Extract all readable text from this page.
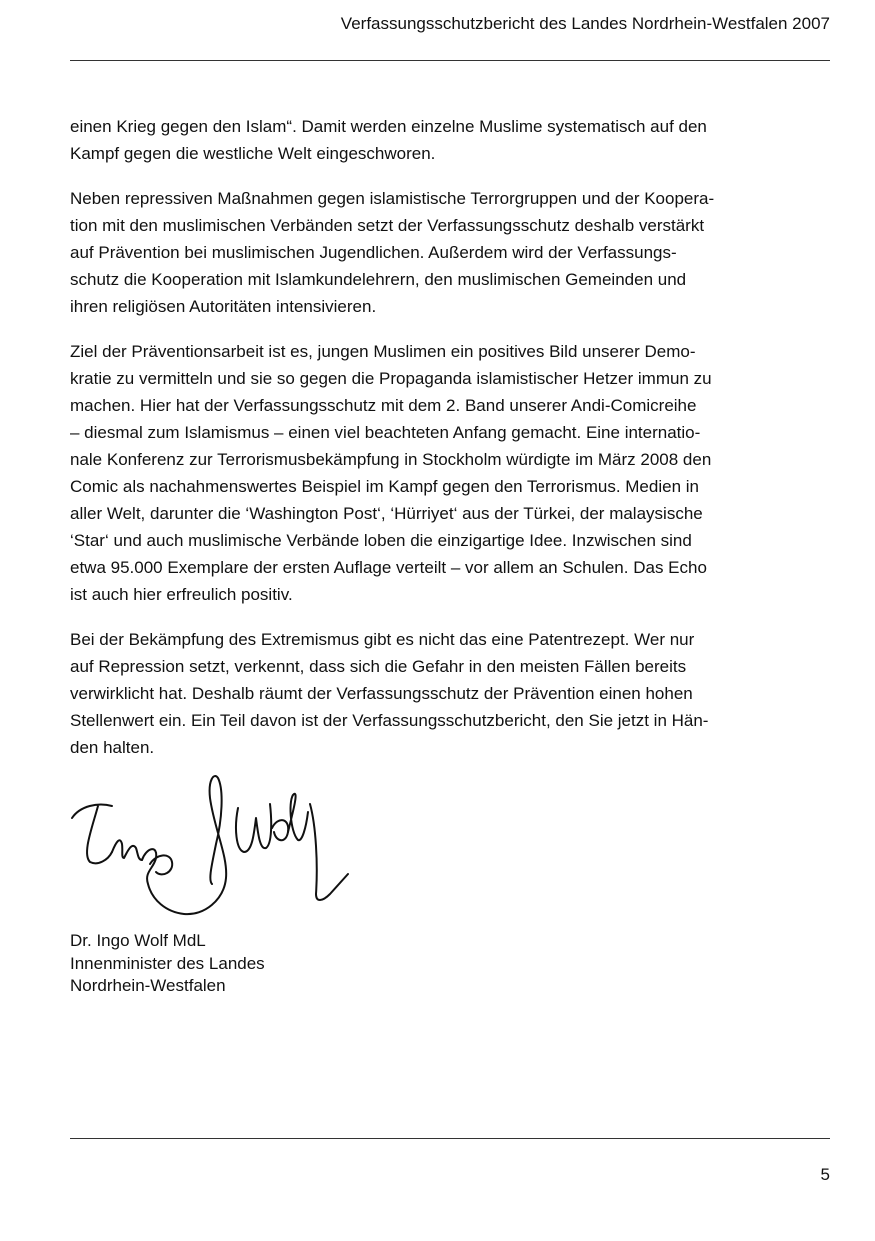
Verfassungsschutzbericht des Landes Nordrhein-Westfalen 2007

einen Krieg gegen den Islam“. Damit werden einzelne Muslime systematisch auf den
Kampf gegen die westliche Welt eingeschworen.

Neben repressiven Maßnahmen gegen islamistische Terrorgruppen und der Koopera-
tion mit den muslimischen Verbänden setzt der Verfassungsschutz deshalb verstärkt
auf Prävention bei muslimischen Jugendlichen. Außerdem wird der Verfassungs-
schutz die Kooperation mit Islamkundelehrern, den muslimischen Gemeinden und
ihren religiösen Autoritäten intensivieren.

Ziel der Präventionsarbeit ist es, jungen Muslimen ein positives Bild unserer Demo-
kratie zu vermitteln und sie so gegen die Propaganda islamistischer Hetzer immun zu
machen. Hier hat der Verfassungsschutz mit dem 2. Band unserer Andi-Comicreihe
– diesmal zum Islamismus – einen viel beachteten Anfang gemacht. Eine internatio-
nale Konferenz zur Terrorismusbekämpfung in Stockholm würdigte im März 2008 den
Comic als nachahmenswertes Beispiel im Kampf gegen den Terrorismus. Medien in
aller Welt, darunter die ‘Washington Post‘, ‘Hürriyet‘ aus der Türkei, der malaysische
‘Star‘ und auch muslimische Verbände loben die einzigartige Idee. Inzwischen sind
etwa 95.000 Exemplare der ersten Auflage verteilt – vor allem an Schulen. Das Echo
ist auch hier erfreulich positiv.

Bei der Bekämpfung des Extremismus gibt es nicht das eine Patentrezept. Wer nur
auf Repression setzt, verkennt, dass sich die Gefahr in den meisten Fällen bereits
verwirklicht hat. Deshalb räumt der Verfassungsschutz der Prävention einen hohen
Stellenwert ein. Ein Teil davon ist der Verfassungsschutzbericht, den Sie jetzt in Hän-
den halten.

Dr. Ingo Wolf MdL
Innenminister des Landes
Nordrhein-Westfalen
5
